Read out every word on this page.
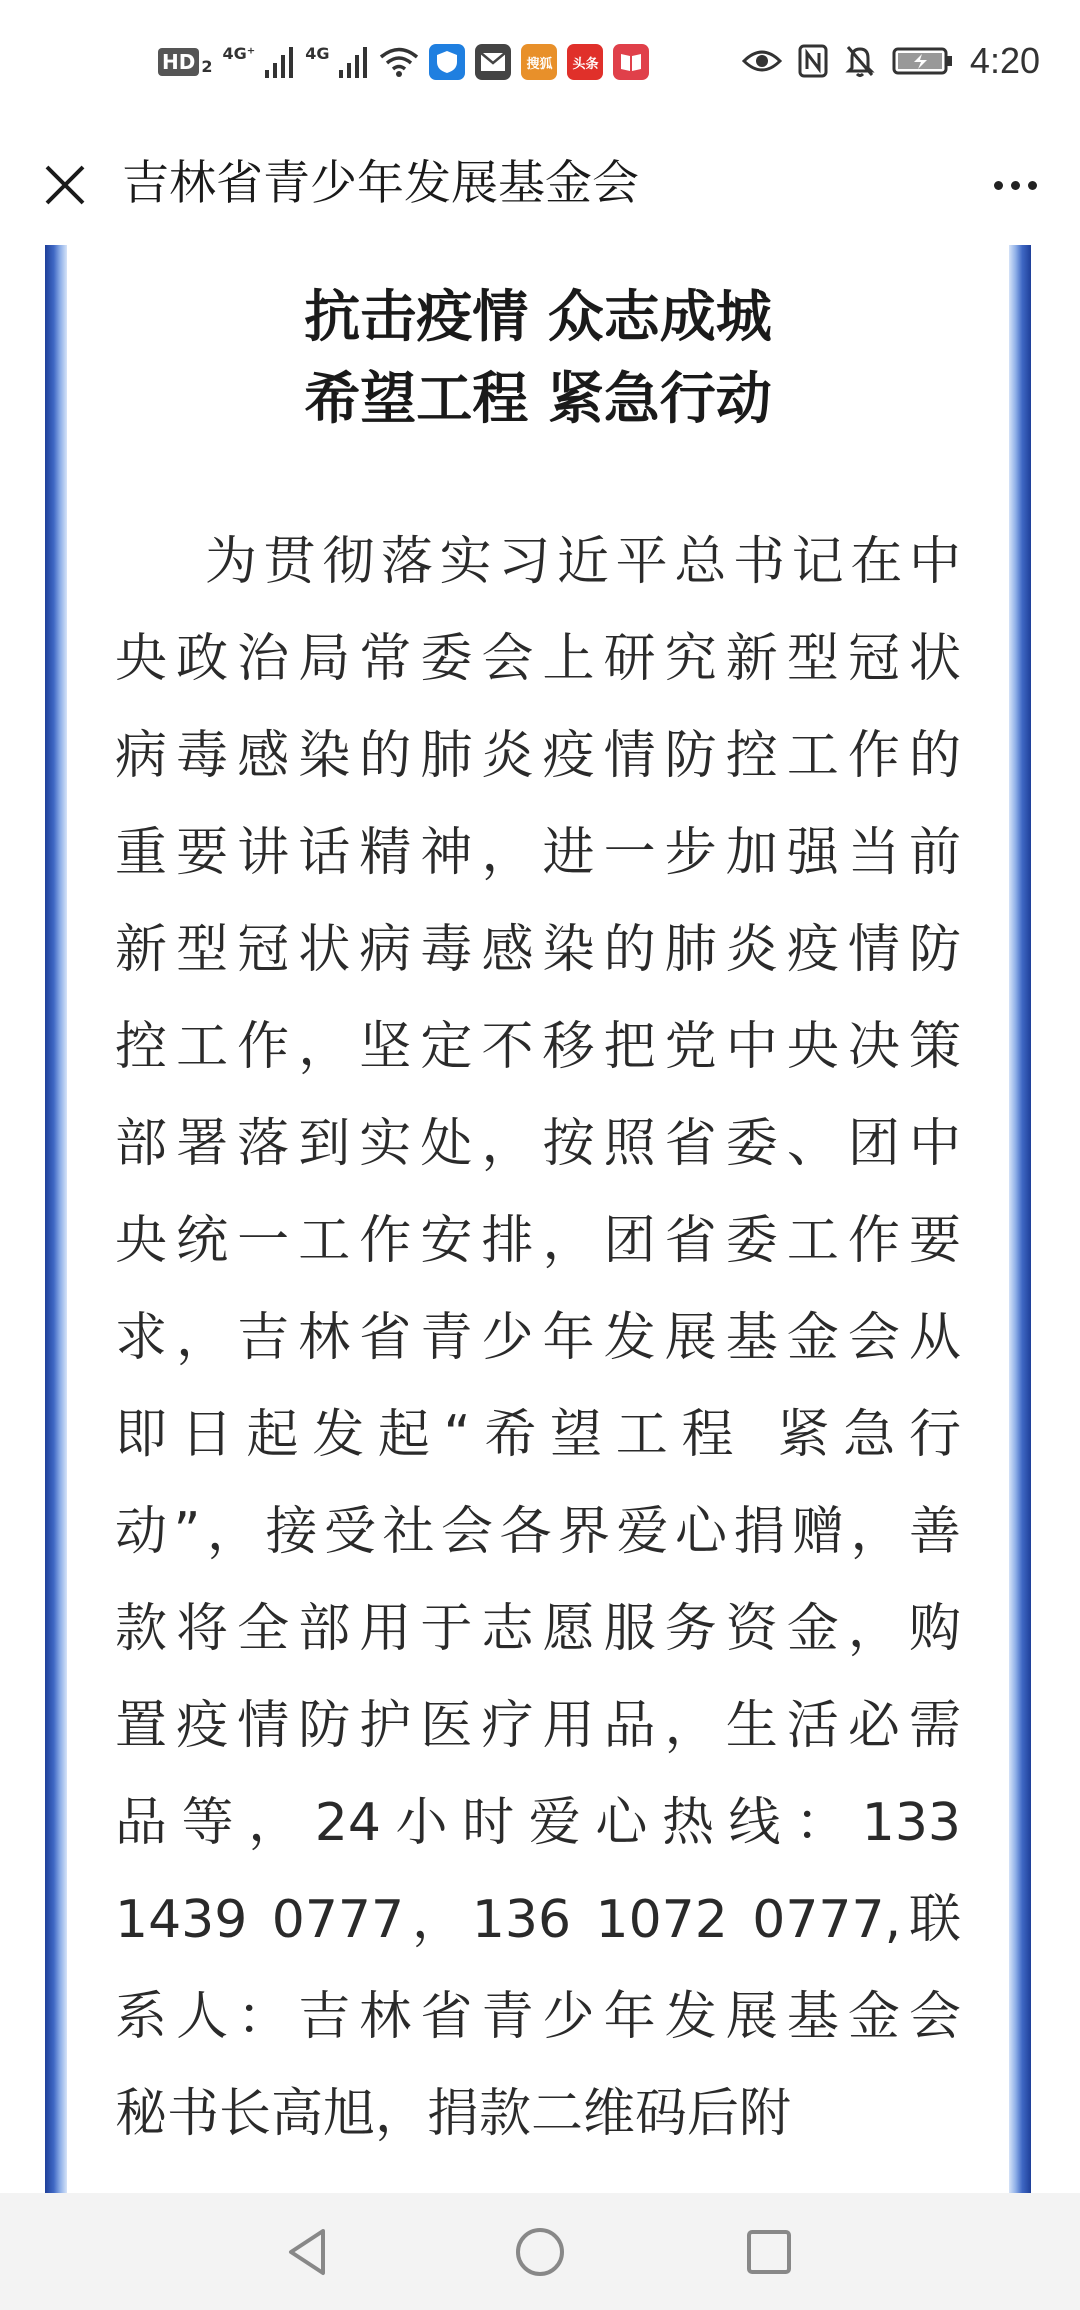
HD 2
4G⁺	4G
搜狐 头条	4:20
吉林省青少年发展基金会
抗击疫情 众志成城
希望工程 紧急行动
为贯彻落实习近平总书记在中
央政治局常委会上研究新型冠状
病毒感染的肺炎疫情防控工作的
重要讲话精神，进一步加强当前
新型冠状病毒感染的肺炎疫情防
控工作，坚定不移把党中央决策
部署落到实处，按照省委、团中
央统一工作安排，团省委工作要
求，吉林省青少年发展基金会从
即日起发起“希望工程 紧急行
动”，接受社会各界爱心捐赠，善
款将全部用于志愿服务资金，购
置疫情防护医疗用品，生活必需
品等，24小时爱心热线：133
1439 0777，136 1072 0777,联
系人：吉林省青少年发展基金会
秘书长高旭，捐款二维码后附
